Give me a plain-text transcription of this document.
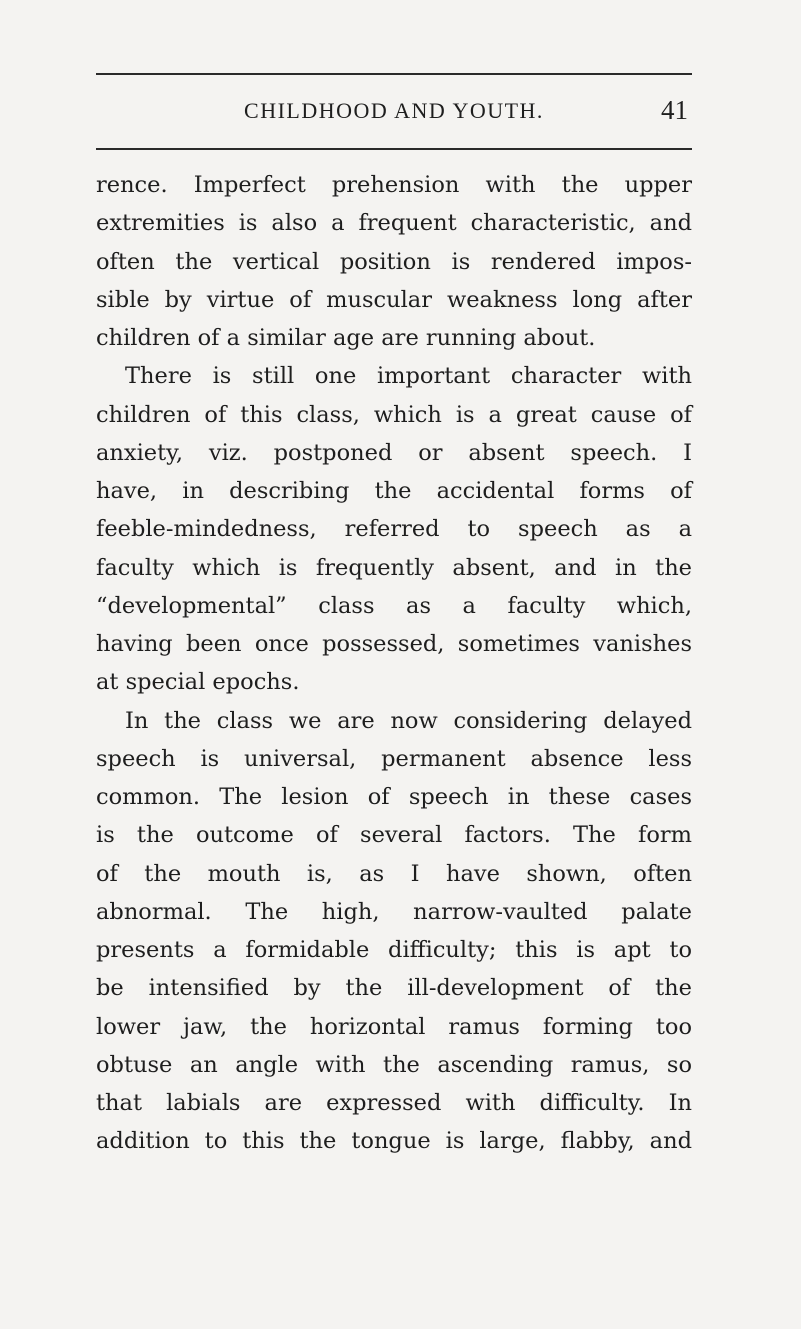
CHILDHOOD AND YOUTH.	41
rence. Imperfect prehension with the upper
extremities is also a frequent characteristic, and
often the vertical position is rendered impos-
sible by virtue of muscular weakness long after
children of a similar age are running about.
There is still one important character with
children of this class, which is a great cause of
anxiety, viz. postponed or absent speech. I
have, in describing the accidental forms of
feeble-mindedness, referred to speech as a
faculty which is frequently absent, and in the
“developmental” class as a faculty which,
having been once possessed, sometimes vanishes
at special epochs.
In the class we are now considering delayed
speech is universal, permanent absence less
common. The lesion of speech in these cases
is the outcome of several factors. The form
of the mouth is, as I have shown, often
abnormal. The high, narrow-vaulted palate
presents a formidable difficulty; this is apt to
be intensified by the ill-development of the
lower jaw, the horizontal ramus forming too
obtuse an angle with the ascending ramus, so
that labials are expressed with difficulty. In
addition to this the tongue is large, flabby, and
